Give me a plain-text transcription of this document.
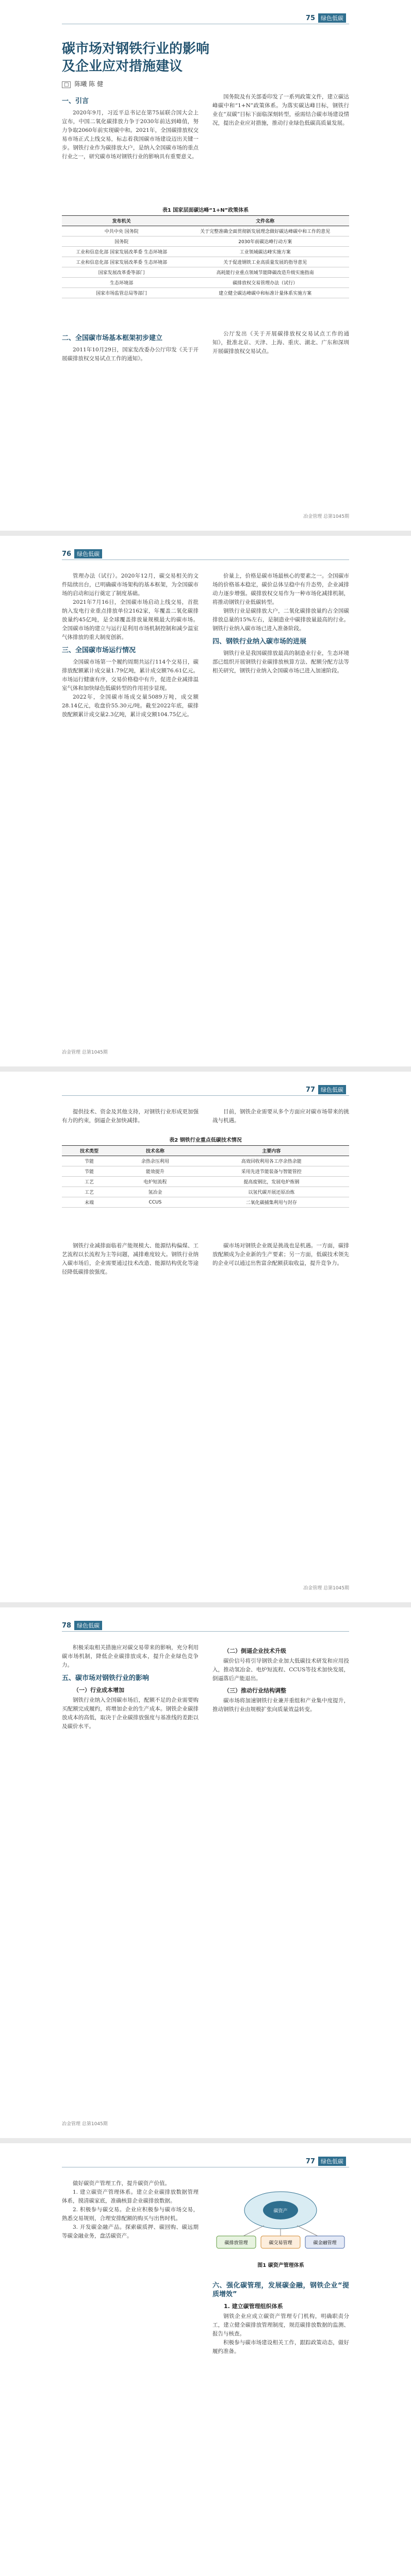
75 绿色低碳
碳市场对钢铁行业的影响及企业应对措施建议
□ 陈曦 陈 健
一、引言

2020年9月，习近平总书记在第75届联合国大会上宣布，中国二氧化碳排放力争于2030年前达到峰值，努力争取2060年前实现碳中和。2021年，全国碳排放权交易市场正式上线交易，标志着我国碳市场建设迈出关键一步。钢铁行业作为碳排放大户，是纳入全国碳市场的重点行业之一，研究碳市场对钢铁行业的影响具有重要意义。

国务院及有关部委印发了一系列政策文件，建立碳达峰碳中和“1+N”政策体系。为落实碳达峰目标，钢铁行业在“双碳”目标下面临深刻转型，亟需结合碳市场建设情况，提出企业应对措施，推动行业绿色低碳高质量发展。

表1 国家层面碳达峰“1+N”政策体系
发布机关	文件名称
中共中央 国务院	关于完整准确全面贯彻新发展理念做好碳达峰碳中和工作的意见
国务院	2030年前碳达峰行动方案
工业和信息化部 国家发展改革委 生态环境部	工业领域碳达峰实施方案
工业和信息化部 国家发展改革委 生态环境部	关于促进钢铁工业高质量发展的指导意见
国家发展改革委等部门	高耗能行业重点领域节能降碳改造升级实施指南
生态环境部	碳排放权交易管理办法（试行）
国家市场监管总局等部门	建立健全碳达峰碳中和标准计量体系实施方案
二、全国碳市场基本框架初步建立

2011年10月29日，国家发改委办公厅印发《关于开展碳排放权交易试点工作的通知》。

公厅发出《关于开展碳排放权交易试点工作的通知》，批准北京、天津、上海、重庆、湖北、广东和深圳开展碳排放权交易试点。

冶金管理 总第1045期
76 绿色低碳

管理办法（试行）。2020年12月，碳交易相关的文件陆续出台，已明确碳市场架构的基本框架，为全国碳市场的启动和运行奠定了制度基础。

2021年7月16日，全国碳市场启动上线交易，首批纳入发电行业重点排放单位2162家，年覆盖二氧化碳排放量约45亿吨，是全球覆盖排放量规模最大的碳市场。全国碳市场的建立与运行是利用市场机制控制和减少温室气体排放的重大制度创新。

三、全国碳市场运行情况

全国碳市场第一个履约周期共运行114个交易日，碳排放配额累计成交量1.79亿吨，累计成交额76.61亿元。市场运行健康有序，交易价格稳中有升，促进企业减排温室气体和加快绿色低碳转型的作用初步显现。

2022年，全国碳市场成交量5089万吨，成交额28.14亿元，收盘价55.30元/吨。截至2022年底，碳排放配额累计成交量2.3亿吨，累计成交额104.75亿元。

价量上，价格是碳市场最核心的要素之一。全国碳市场的价格基本稳定，碳价总体呈稳中有升态势，企业减排动力逐步增强。碳排放权交易作为一种市场化减排机制，将推动钢铁行业低碳转型。

钢铁行业是碳排放大户，二氧化碳排放量约占全国碳排放总量的15%左右，是制造业中碳排放量最高的行业。钢铁行业纳入碳市场已进入准备阶段。

四、钢铁行业纳入碳市场的进展

钢铁行业是我国碳排放最高的制造业行业，生态环境部已组织开展钢铁行业碳排放核算方法、配额分配方法等相关研究，钢铁行业纳入全国碳市场已进入加速阶段。

冶金管理 总第1045期
77 绿色低碳

提供技术、资金及其他支持，对钢铁行业形成更加强有力的约束，倒逼企业加快减排。

目前，钢铁企业需要从多个方面应对碳市场带来的挑战与机遇。

表2 钢铁行业重点低碳技术情况
技术类型	技术名称	主要内容
节能	余热余压利用	高效回收利用各工序余热余能
节能	能效提升	采用先进节能装备与智能管控
工艺	电炉短流程	提高废钢比，发展电炉炼钢
工艺	氢冶金	以氢代碳开展还原冶炼
末端	CCUS	二氧化碳捕集利用与封存

钢铁行业减排面临着产能规模大、能源结构偏煤、工艺流程以长流程为主等问题，减排难度较大。钢铁行业纳入碳市场后，企业需要通过技术改造、能源结构优化等途径降低碳排放强度。

碳市场对钢铁企业既是挑战也是机遇。一方面，碳排放配额成为企业新的生产要素；另一方面，低碳技术领先的企业可以通过出售富余配额获取收益，提升竞争力。

冶金管理 总第1045期
78 绿色低碳

积极采取相关措施应对碳交易带来的影响，充分利用碳市场机制，降低企业碳排放成本，提升企业绿色竞争力。

五、碳市场对钢铁行业的影响
（一）行业成本增加

钢铁行业纳入全国碳市场后，配额不足的企业需要购买配额完成履约，将增加企业的生产成本。钢铁企业碳排放成本的高低，取决于企业碳排放强度与基准线的差距以及碳价水平。

（二）倒逼企业技术升级

碳价信号将引导钢铁企业加大低碳技术研发和应用投入，推动氢冶金、电炉短流程、CCUS等技术加快发展，倒逼落后产能退出。

（三）推动行业结构调整

碳市场将加速钢铁行业兼并重组和产业集中度提升，推动钢铁行业由规模扩张向质量效益转变。

冶金管理 总第1045期
77 绿色低碳

做好碳资产管理工作，提升碳资产价值。

1. 建立碳资产管理体系。建立企业碳排放数据管理体系，摸清碳家底，准确核算企业碳排放数据。

2. 积极参与碳交易。企业应积极参与碳市场交易，熟悉交易规则，合理安排配额的购买与出售时机。

3. 开发碳金融产品。探索碳质押、碳回购、碳远期等碳金融业务，盘活碳资产。

碳资产
碳排放管理	碳交易管理	碳金融管理
图1 碳资产管理体系
六、强化碳管理，发展碳金融，钢铁企业“提质增效”
1. 建立碳管理组织体系

钢铁企业应成立碳资产管理专门机构，明确职责分工，建立健全碳排放管理制度，规范碳排放数据的监测、报告与核查。

积极参与碳市场建设相关工作，跟踪政策动态，做好履约准备。
